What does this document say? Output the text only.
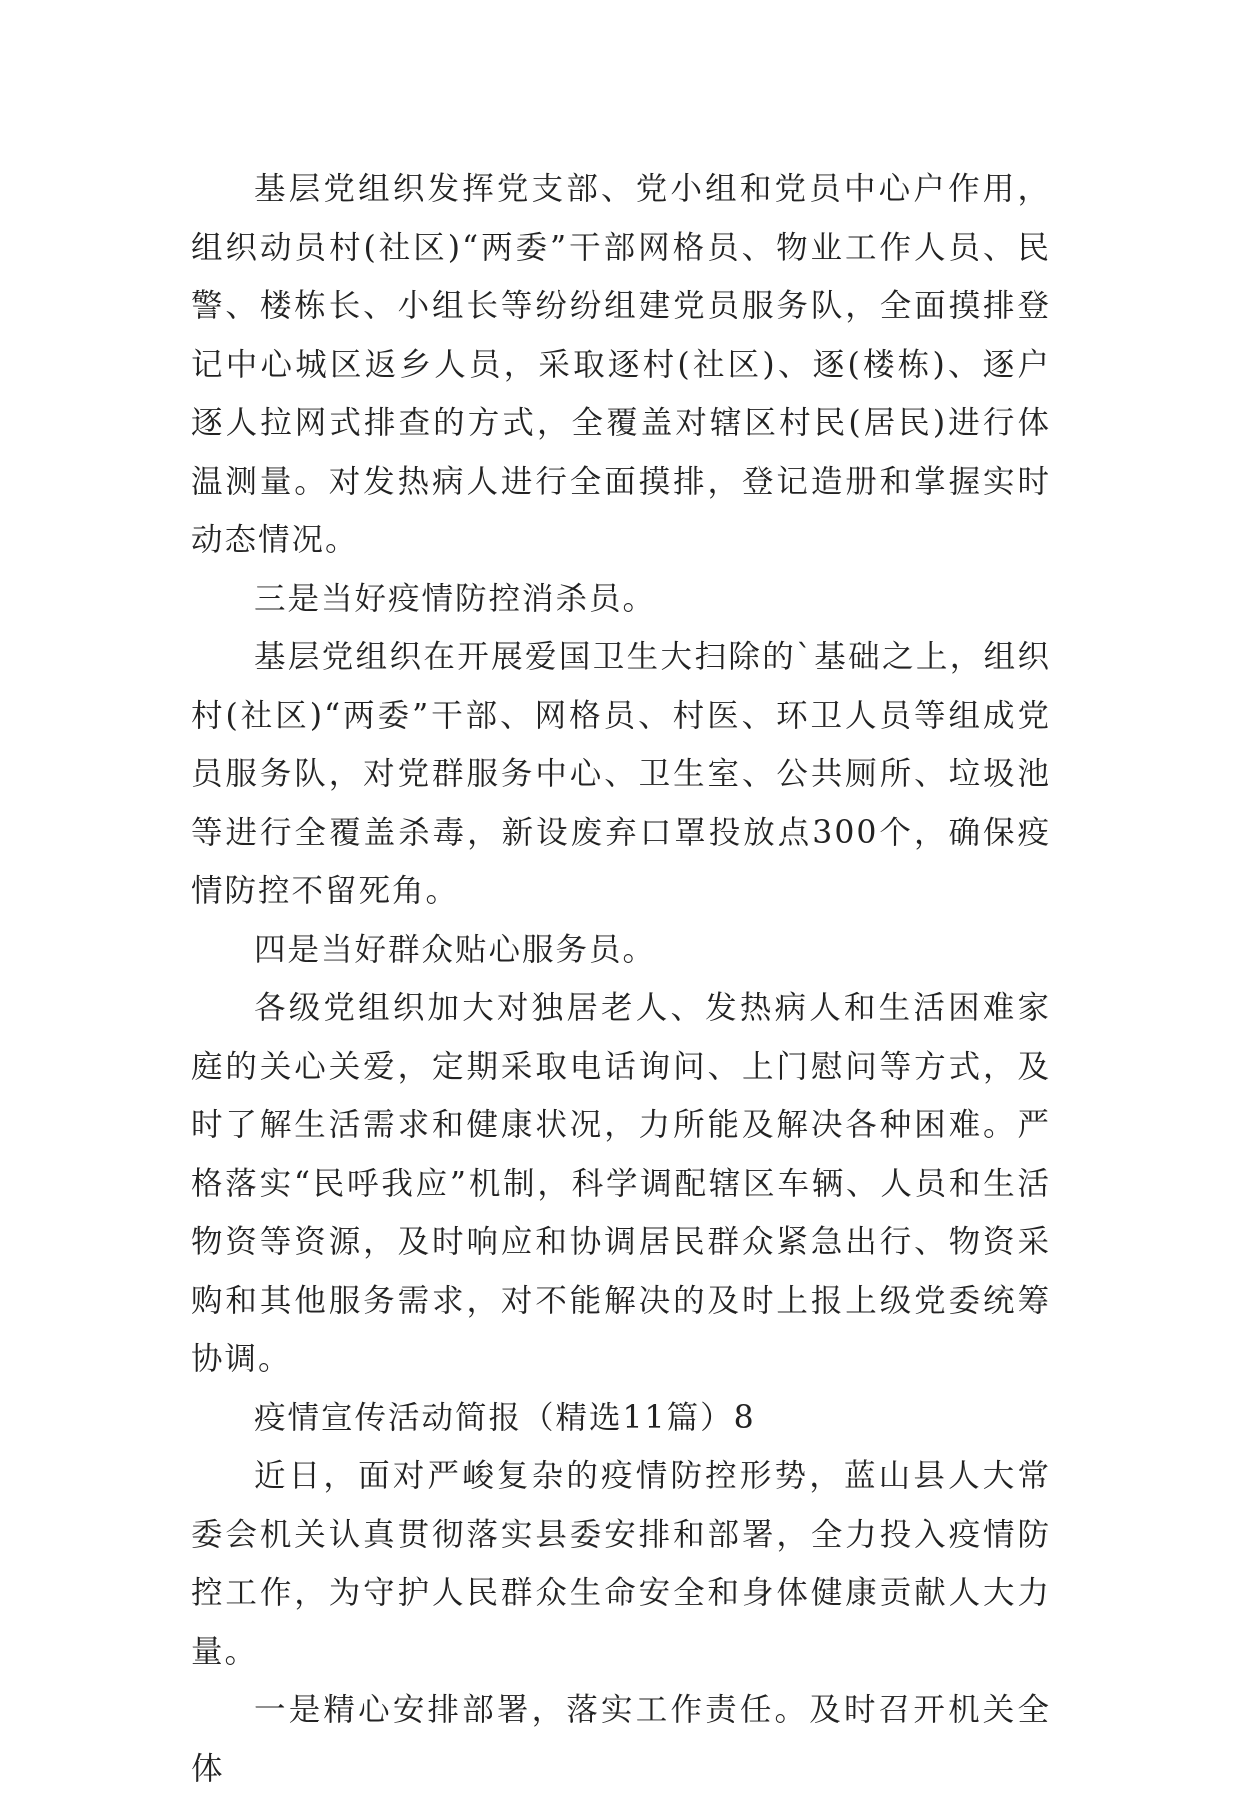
基层党组织发挥党支部、党小组和党员中心户作用，组织动员村(社区)“两委”干部网格员、物业工作人员、民警、楼栋长、小组长等纷纷组建党员服务队，全面摸排登记中心城区返乡人员，采取逐村(社区)、逐(楼栋)、逐户逐人拉网式排查的方式，全覆盖对辖区村民(居民)进行体温测量。对发热病人进行全面摸排，登记造册和掌握实时动态情况。

三是当好疫情防控消杀员。

基层党组织在开展爱国卫生大扫除的`基础之上，组织村(社区)“两委”干部、网格员、村医、环卫人员等组成党员服务队，对党群服务中心、卫生室、公共厕所、垃圾池等进行全覆盖杀毒，新设废弃口罩投放点300个，确保疫情防控不留死角。

四是当好群众贴心服务员。

各级党组织加大对独居老人、发热病人和生活困难家庭的关心关爱，定期采取电话询问、上门慰问等方式，及时了解生活需求和健康状况，力所能及解决各种困难。严格落实“民呼我应”机制，科学调配辖区车辆、人员和生活物资等资源，及时响应和协调居民群众紧急出行、物资采购和其他服务需求，对不能解决的及时上报上级党委统筹协调。

疫情宣传活动简报（精选11篇）8

近日，面对严峻复杂的疫情防控形势，蓝山县人大常委会机关认真贯彻落实县委安排和部署，全力投入疫情防控工作，为守护人民群众生命安全和身体健康贡献人大力量。

一是精心安排部署，落实工作责任。及时召开机关全体
